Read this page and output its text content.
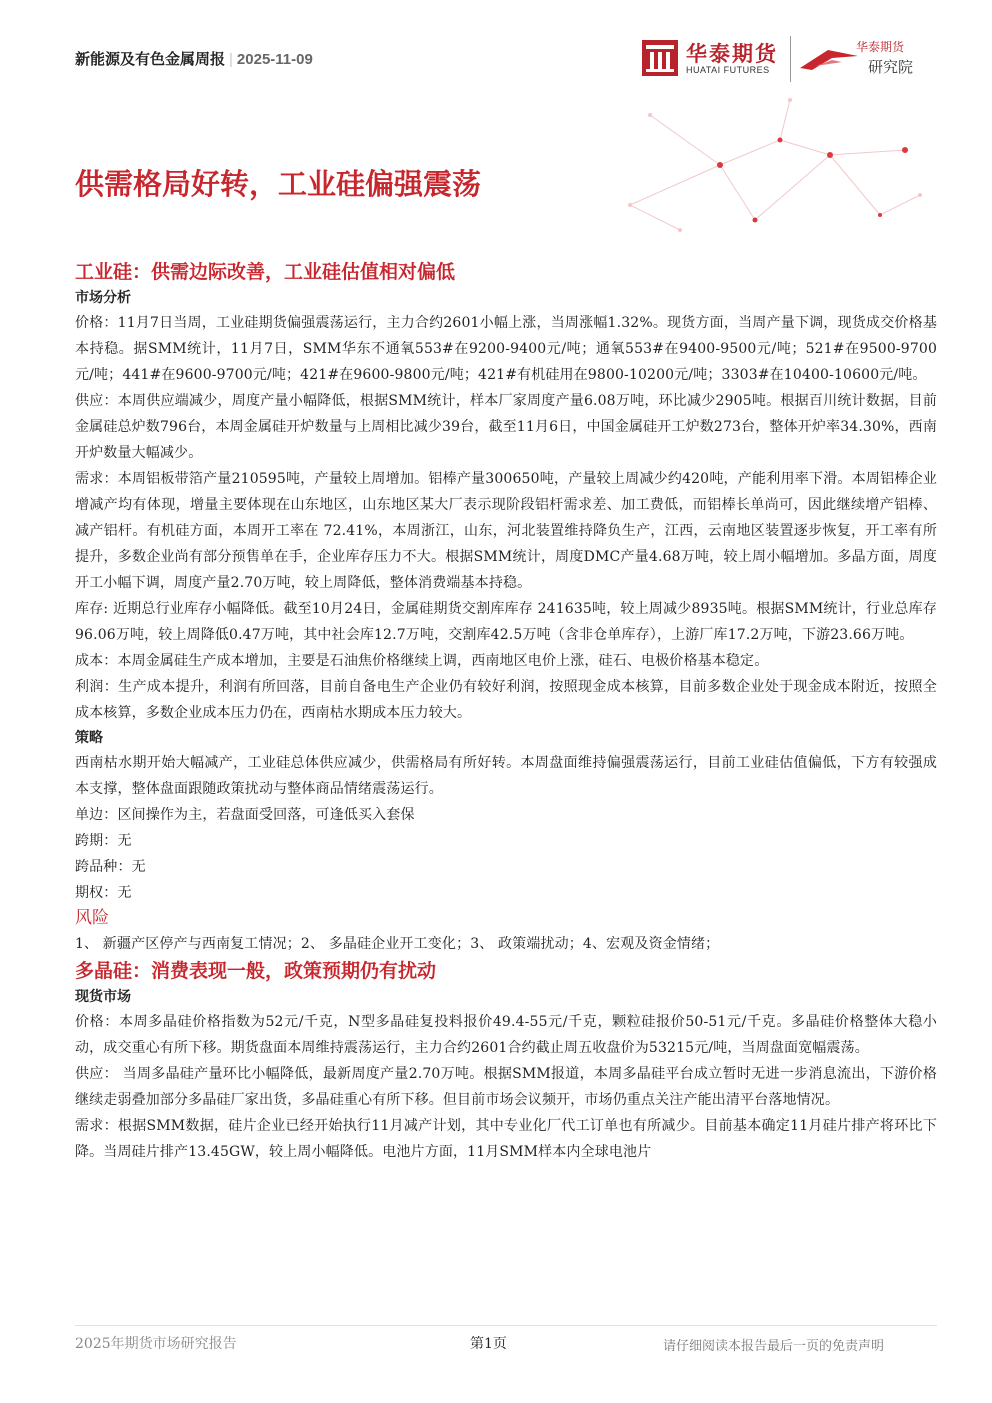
新能源及有色金属周报 | 2025-11-09	华泰期货
HUATAI FUTURES
华泰期货
研究院
供需格局好转，工业硅偏强震荡
工业硅：供需边际改善，工业硅估值相对偏低
市场分析

价格：11月7日当周，工业硅期货偏强震荡运行，主力合约2601小幅上涨，当周涨幅1.32%。现货方面，当周产量下调，现货成交价格基本持稳。据SMM统计，11月7日，SMM华东不通氧553#在9200-9400元/吨；通氧553#在9400-9500元/吨；521#在9500-9700元/吨；441#在9600-9700元/吨；421#在9600-9800元/吨；421#有机硅用在9800-10200元/吨；3303#在10400-10600元/吨。

供应：本周供应端减少，周度产量小幅降低，根据SMM统计，样本厂家周度产量6.08万吨，环比减少2905吨。根据百川统计数据，目前金属硅总炉数796台，本周金属硅开炉数量与上周相比减少39台，截至11月6日，中国金属硅开工炉数273台，整体开炉率34.30%，西南开炉数量大幅减少。

需求：本周铝板带箔产量210595吨，产量较上周增加。铝棒产量300650吨，产量较上周减少约420吨，产能利用率下滑。本周铝棒企业增减产均有体现，增量主要体现在山东地区，山东地区某大厂表示现阶段铝杆需求差、加工费低，而铝棒长单尚可，因此继续增产铝棒、减产铝杆。有机硅方面，本周开工率在 72.41%，本周浙江，山东，河北装置维持降负生产，江西，云南地区装置逐步恢复，开工率有所提升，多数企业尚有部分预售单在手，企业库存压力不大。根据SMM统计，周度DMC产量4.68万吨，较上周小幅增加。多晶方面，周度开工小幅下调，周度产量2.70万吨，较上周降低，整体消费端基本持稳。

库存: 近期总行业库存小幅降低。截至10月24日，金属硅期货交割库库存 241635吨，较上周减少8935吨。根据SMM统计，行业总库存96.06万吨，较上周降低0.47万吨，其中社会库12.7万吨，交割库42.5万吨（含非仓单库存），上游厂库17.2万吨，下游23.66万吨。

成本：本周金属硅生产成本增加，主要是石油焦价格继续上调，西南地区电价上涨，硅石、电极价格基本稳定。

利润：生产成本提升，利润有所回落，目前自备电生产企业仍有较好利润，按照现金成本核算，目前多数企业处于现金成本附近，按照全成本核算，多数企业成本压力仍在，西南枯水期成本压力较大。

策略

西南枯水期开始大幅减产，工业硅总体供应减少，供需格局有所好转。本周盘面维持偏强震荡运行，目前工业硅估值偏低，下方有较强成本支撑，整体盘面跟随政策扰动与整体商品情绪震荡运行。

单边：区间操作为主，若盘面受回落，可逢低买入套保

跨期：无

跨品种：无

期权：无

风险

1、 新疆产区停产与西南复工情况；2、 多晶硅企业开工变化；3、 政策端扰动；4、宏观及资金情绪；

多晶硅：消费表现一般，政策预期仍有扰动
现货市场

价格：本周多晶硅价格指数为52元/千克，N型多晶硅复投料报价49.4-55元/千克，颗粒硅报价50-51元/千克。多晶硅价格整体大稳小动，成交重心有所下移。期货盘面本周维持震荡运行，主力合约2601合约截止周五收盘价为53215元/吨，当周盘面宽幅震荡。

供应： 当周多晶硅产量环比小幅降低，最新周度产量2.70万吨。根据SMM报道，本周多晶硅平台成立暂时无进一步消息流出，下游价格继续走弱叠加部分多晶硅厂家出货，多晶硅重心有所下移。但目前市场会议频开，市场仍重点关注产能出清平台落地情况。

需求：根据SMM数据，硅片企业已经开始执行11月减产计划，其中专业化厂代工订单也有所减少。目前基本确定11月硅片排产将环比下降。当周硅片排产13.45GW，较上周小幅降低。电池片方面，11月SMM样本内全球电池片

2025年期货市场研究报告	第1页	请仔细阅读本报告最后一页的免责声明
